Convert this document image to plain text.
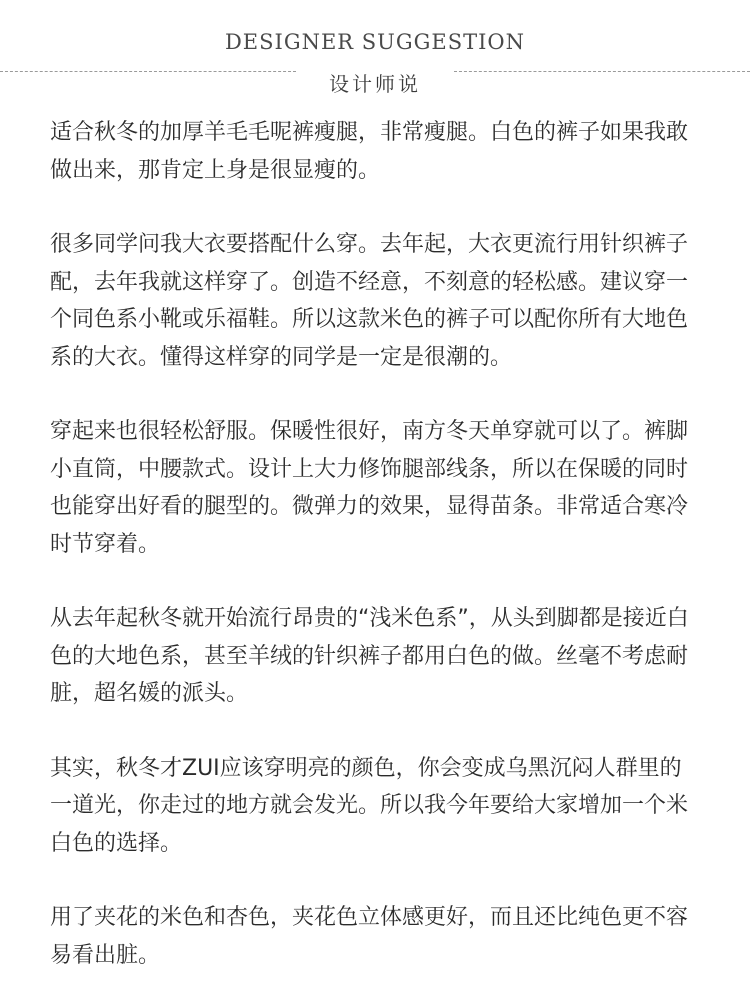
DESIGNER SUGGESTION
设计师说

适合秋冬的加厚羊毛毛呢裤瘦腿，非常瘦腿。白色的裤子如果我敢做出来，那肯定上身是很显瘦的。

很多同学问我大衣要搭配什么穿。去年起，大衣更流行用针织裤子配，去年我就这样穿了。创造不经意，不刻意的轻松感。建议穿一个同色系小靴或乐福鞋。所以这款米色的裤子可以配你所有大地色系的大衣。懂得这样穿的同学是一定是很潮的。

穿起来也很轻松舒服。保暖性很好，南方冬天单穿就可以了。裤脚小直筒，中腰款式。设计上大力修饰腿部线条，所以在保暖的同时也能穿出好看的腿型的。微弹力的效果，显得苗条。非常适合寒冷时节穿着。

从去年起秋冬就开始流行昂贵的“浅米色系”，从头到脚都是接近白色的大地色系，甚至羊绒的针织裤子都用白色的做。丝毫不考虑耐脏，超名媛的派头。

其实，秋冬才ZUI应该穿明亮的颜色，你会变成乌黑沉闷人群里的一道光，你走过的地方就会发光。所以我今年要给大家增加一个米白色的选择。

用了夹花的米色和杏色，夹花色立体感更好，而且还比纯色更不容易看出脏。
